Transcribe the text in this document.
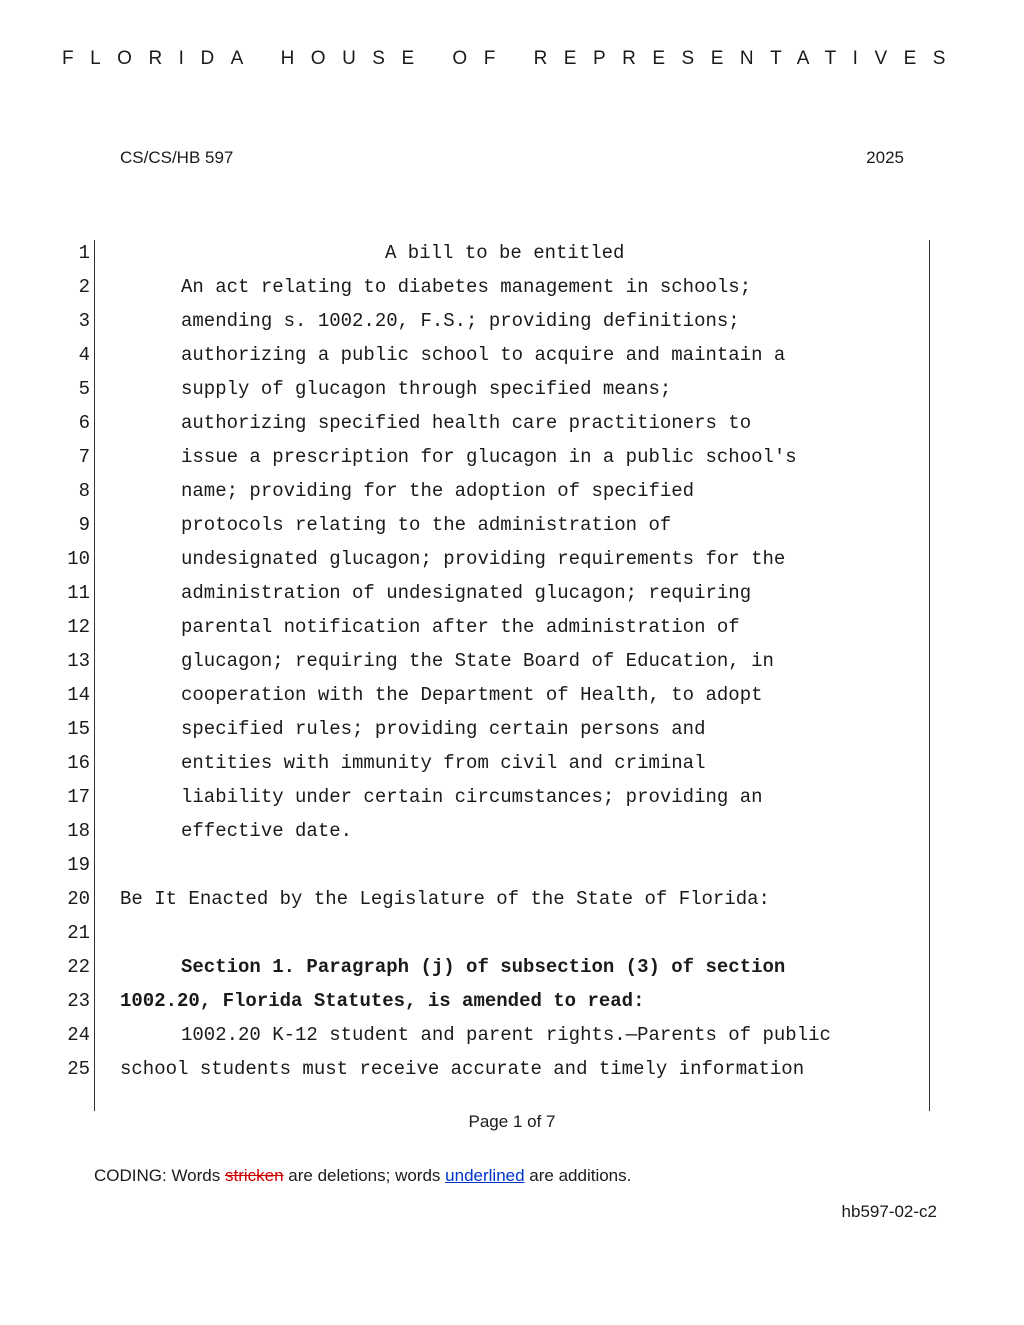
FLORIDA HOUSE OF REPRESENTATIVES
CS/CS/HB 597	2025
1	A bill to be entitled
2	An act relating to diabetes management in schools;
3	amending s. 1002.20, F.S.; providing definitions;
4	authorizing a public school to acquire and maintain a
5	supply of glucagon through specified means;
6	authorizing specified health care practitioners to
7	issue a prescription for glucagon in a public school's
8	name; providing for the adoption of specified
9	protocols relating to the administration of
10	undesignated glucagon; providing requirements for the
11	administration of undesignated glucagon; requiring
12	parental notification after the administration of
13	glucagon; requiring the State Board of Education, in
14	cooperation with the Department of Health, to adopt
15	specified rules; providing certain persons and
16	entities with immunity from civil and criminal
17	liability under certain circumstances; providing an
18	effective date.
19
20 Be It Enacted by the Legislature of the State of Florida:
21
22	Section 1. Paragraph (j) of subsection (3) of section
23 1002.20, Florida Statutes, is amended to read:
24	1002.20 K-12 student and parent rights.—Parents of public
25 school students must receive accurate and timely information
Page 1 of 7
CODING: Words stricken are deletions; words underlined are additions.
hb597-02-c2
